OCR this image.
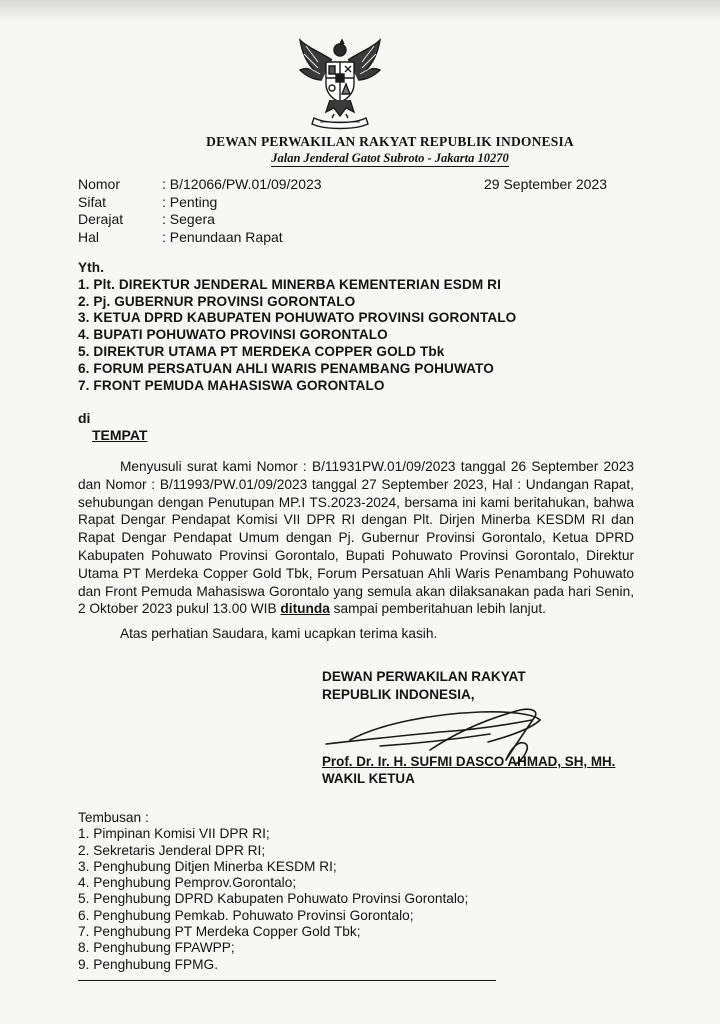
DEWAN PERWAKILAN RAKYAT REPUBLIK INDONESIA
Jalan Jenderal Gatot Subroto - Jakarta 10270
Nomor	: B/12066/PW.01/09/2023
Sifat	: Penting
Derajat	: Segera
Hal	: Penundaan Rapat
29 September 2023
Yth.
1. Plt. DIREKTUR JENDERAL MINERBA KEMENTERIAN ESDM RI
2. Pj. GUBERNUR PROVINSI GORONTALO
3. KETUA DPRD KABUPATEN POHUWATO PROVINSI GORONTALO
4. BUPATI POHUWATO PROVINSI GORONTALO
5. DIREKTUR UTAMA PT MERDEKA COPPER GOLD Tbk
6. FORUM PERSATUAN AHLI WARIS PENAMBANG POHUWATO
7. FRONT PEMUDA MAHASISWA GORONTALO
di
TEMPAT
Menyusuli surat kami Nomor : B/11931PW.01/09/2023 tanggal 26 September 2023 dan Nomor : B/11993/PW.01/09/2023 tanggal 27 September 2023, Hal : Undangan Rapat, sehubungan dengan Penutupan MP.I TS.2023-2024, bersama ini kami beritahukan, bahwa Rapat Dengar Pendapat Komisi VII DPR RI dengan Plt. Dirjen Minerba KESDM RI dan Rapat Dengar Pendapat Umum dengan Pj. Gubernur Provinsi Gorontalo, Ketua DPRD Kabupaten Pohuwato Provinsi Gorontalo, Bupati Pohuwato Provinsi Gorontalo, Direktur Utama PT Merdeka Copper Gold Tbk, Forum Persatuan Ahli Waris Penambang Pohuwato dan Front Pemuda Mahasiswa Gorontalo yang semula akan dilaksanakan pada hari Senin, 2 Oktober 2023 pukul 13.00 WIB ditunda sampai pemberitahuan lebih lanjut.
Atas perhatian Saudara, kami ucapkan terima kasih.
DEWAN PERWAKILAN RAKYAT
REPUBLIK INDONESIA,
Prof. Dr. Ir. H. SUFMI DASCO AHMAD, SH, MH.
WAKIL KETUA
Tembusan :
1. Pimpinan Komisi VII DPR RI;
2. Sekretaris Jenderal DPR RI;
3. Penghubung Ditjen Minerba KESDM RI;
4. Penghubung Pemprov.Gorontalo;
5. Penghubung DPRD Kabupaten Pohuwato Provinsi Gorontalo;
6. Penghubung Pemkab. Pohuwato Provinsi Gorontalo;
7. Penghubung PT Merdeka Copper Gold Tbk;
8. Penghubung FPAWPP;
9. Penghubung FPMG.
